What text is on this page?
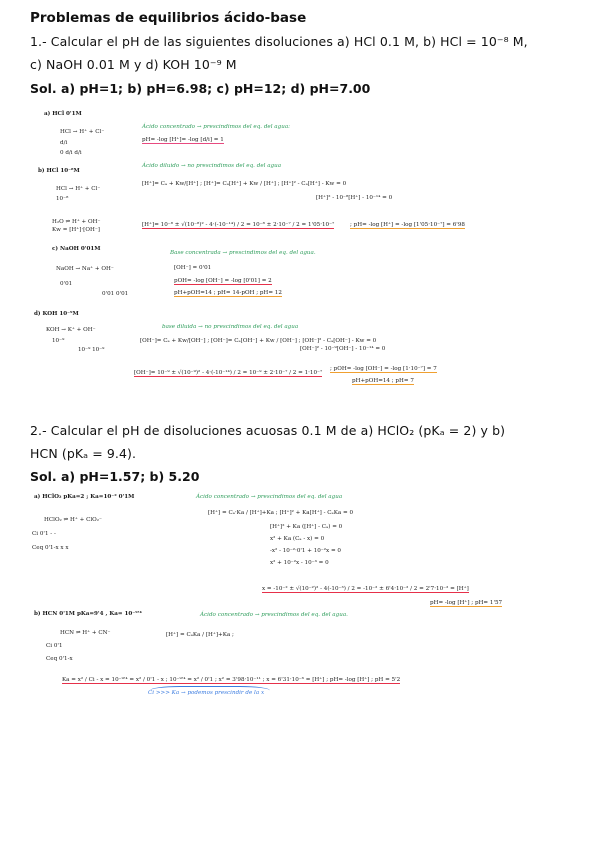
Problemas de equilibrios ácido-base
1.- Calcular el pH de las siguientes disoluciones a) HCl 0.1 M, b) HCl = 10⁻⁸ M,
c) NaOH 0.01 M y d) KOH 10⁻⁹ M
Sol. a) pH=1; b) pH=6.98; c) pH=12; d) pH=7.00
a) HCl 0'1M
Ácido concentrado → prescindimos del eq. del agua:
HCl → H⁺ + Cl⁻
d/i
0 d/i d/i
pH= -log [H⁺]= -log [d/i] = 1
b) HCl 10⁻⁸M
Ácido diluido → no prescindimos del eq. del agua
HCl → H⁺ + Cl⁻
10⁻⁸
[H⁺]= Cₐ + Kw/[H⁺] ; [H⁺]= Cₐ[H⁺] + Kw / [H⁺] ; [H⁺]² - Cₐ[H⁺] - Kw = 0
[H⁺]² - 10⁻⁸[H⁺] - 10⁻¹⁴ = 0
H₂O ⇌ H⁺ + OH⁻
Kw = [H⁺]·[OH⁻]
[H⁺]= 10⁻⁸ ± √(10⁻⁸)² - 4·(-10⁻¹⁴) / 2 = 10⁻⁸ ± 2·10⁻⁷ / 2 = 1'05·10⁻⁷	; pH= -log [H⁺] = -log [1'05·10⁻⁷] = 6'98
c) NaOH 0'01M
Base concentrada → prescindimos del eq. del agua.
NaOH → Na⁺ + OH⁻
0'01
0'01 0'01
[OH⁻] = 0'01
pOH= -log [OH⁻] = -log [0'01] = 2
pH+pOH=14 ; pH= 14-pOH ; pH= 12
d) KOH 10⁻⁹M
base diluida → no prescindimos del eq. del agua
KOH → K⁺ + OH⁻
10⁻⁹
10⁻⁹ 10⁻⁹
[OH⁻]= Cₐ + Kw/[OH⁻] ; [OH⁻]= Cₐ[OH⁻] + Kw / [OH⁻] ; [OH⁻]² - Cₐ[OH⁻] - Kw = 0
[OH⁻]² - 10⁻⁹[OH⁻] - 10⁻¹⁴ = 0
[OH⁻]= 10⁻⁹ ± √(10⁻⁹)² - 4·(-10⁻¹⁴) / 2 = 10⁻⁹ ± 2·10⁻⁷ / 2 = 1·10⁻⁷
; pOH= -log [OH⁻] = -log [1·10⁻⁷] = 7
pH+pOH=14 ; pH= 7
2.- Calcular el pH de disoluciones acuosas 0.1 M de a) HClO₂ (pKₐ = 2) y b)
HCN (pKₐ = 9.4).
Sol. a) pH=1.57; b) 5.20
a) HClO₂ pKa=2 ; Ka=10⁻² 0'1M	Ácido concentrado → prescindimos del eq. del agua
HClO₂ ⇌ H⁺ + ClO₂⁻
Ci 0'1 - -
Ceq 0'1-x x x
[H⁺] = Cₐ·Ka / [H⁺]+Ka ; [H⁺]² + Ka[H⁺] - CₐKa = 0
[H⁺]² + Ka ([H⁺] - Cₐ) = 0
x² + Ka (Cₐ - x) = 0
-x² - 10⁻²·0'1 + 10⁻²x = 0
x² + 10⁻²x - 10⁻³ = 0
x = -10⁻² ± √(10⁻²)² - 4(-10⁻³) / 2 = -10⁻² ± 6'4·10⁻² / 2 = 2'7·10⁻² = [H⁺]
pH= -log [H⁺] ; pH= 1'57
b) HCN 0'1M pKa=9'4 , Ka= 10⁻⁹'⁴	Ácido concentrado → prescindimos del eq. del agua.
HCN ⇌ H⁺ + CN⁻
Ci 0'1
Ceq 0'1-x
[H⁺] = CₐKa / [H⁺]+Ka ;
Ka = x² / Ci - x = 10⁻⁹'⁴ = x² / 0'1 - x ; 10⁻⁹'⁴ = x² / 0'1 ; x² = 3'98·10⁻¹¹ ; x = 6'31·10⁻⁶ = [H⁺] ; pH= -log [H⁺] ; pH = 5'2
Ci >>> Ka → podemos prescindir de la x
